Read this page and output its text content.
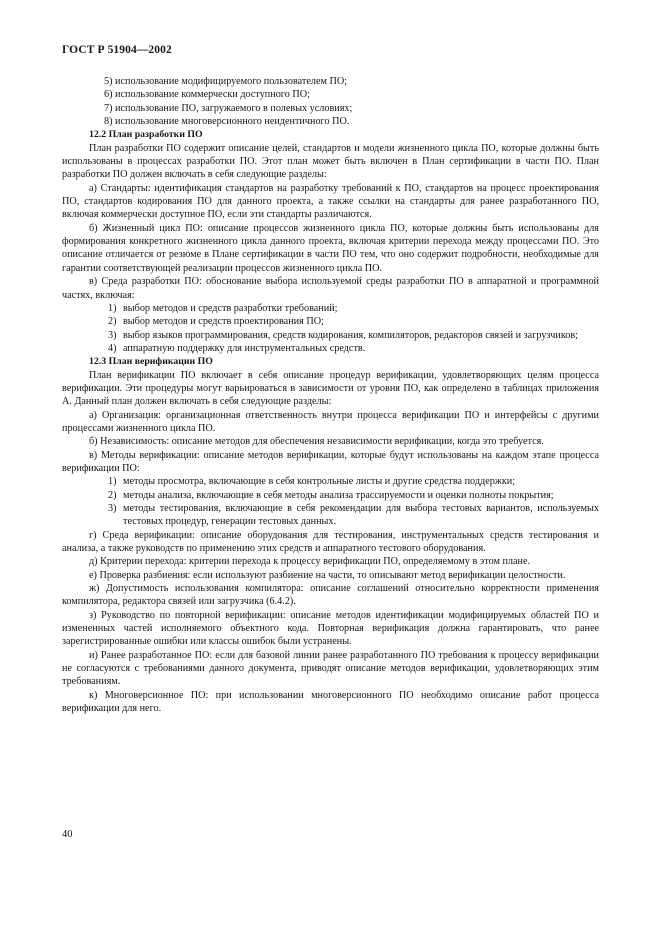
ГОСТ Р 51904—2002

5) использование модифицируемого пользователем ПО;

6) использование коммерчески доступного ПО;

7) использование ПО, загружаемого в полевых условиях;

8) использование многоверсионного неидентичного ПО.

12.2 План разработки ПО

План разработки ПО содержит описание целей, стандартов и модели жизненного цикла ПО, которые должны быть использованы в процессах разработки ПО. Этот план может быть включен в План сертификации в части ПО. План разработки ПО должен включать в себя следующие разделы:

а) Стандарты: идентификация стандартов на разработку требований к ПО, стандартов на процесс проектирования ПО, стандартов кодирования ПО для данного проекта, а также ссылки на стандарты для ранее разработанного ПО, включая коммерчески доступное ПО, если эти стандарты различаются.

б) Жизненный цикл ПО: описание процессов жизненного цикла ПО, которые должны быть использованы для формирования конкретного жизненного цикла данного проекта, включая критерии перехода между процессами ПО. Это описание отличается от резюме в Плане сертификации в части ПО тем, что оно содержит подробности, необходимые для гарантии соответствующей реализации процессов жизненного цикла ПО.

в) Среда разработки ПО: обоснование выбора используемой среды разработки ПО в аппаратной и программной частях, включая:

1) выбор методов и средств разработки требований;
2) выбор методов и средств проектирования ПО;
3) выбор языков программирования, средств кодирования, компиляторов, редакторов связей и загрузчиков;
4) аппаратную поддержку для инструментальных средств.

12.3 План верификации ПО

План верификации ПО включает в себя описание процедур верификации, удовлетворяющих целям процесса верификации. Эти процедуры могут варьироваться в зависимости от уровня ПО, как определено в таблицах приложения А. Данный план должен включать в себя следующие разделы:

а) Организация: организационная ответственность внутри процесса верификации ПО и интерфейсы с другими процессами жизненного цикла ПО.

б) Независимость: описание методов для обеспечения независимости верификации, когда это требуется.

в) Методы верификации: описание методов верификации, которые будут использованы на каждом этапе процесса верификации ПО:

1) методы просмотра, включающие в себя контрольные листы и другие средства поддержки;
2) методы анализа, включающие в себя методы анализа трассируемости и оценки полноты покрытия;
3) методы тестирования, включающие в себя рекомендации для выбора тестовых вариантов, используемых тестовых процедур, генерации тестовых данных.

г) Среда верификации: описание оборудования для тестирования, инструментальных средств тестирования и анализа, а также руководств по применению этих средств и аппаратного тестового оборудования.

д) Критерии перехода: критерии перехода к процессу верификации ПО, определяемому в этом плане.

е) Проверка разбиения: если используют разбиение на части, то описывают метод верификации целостности.

ж) Допустимость использования компилятора: описание соглашений относительно корректности применения компилятора, редактора связей или загрузчика (6.4.2).

з) Руководство по повторной верификации: описание методов идентификации модифицируемых областей ПО и измененных частей исполняемого объектного кода. Повторная верификация должна гарантировать, что ранее зарегистрированные ошибки или классы ошибок были устранены.

и) Ранее разработанное ПО: если для базовой линии ранее разработанного ПО требования к процессу верификации не согласуются с требованиями данного документа, приводят описание методов верификации, удовлетворяющих этим требованиям.

к) Многоверсионное ПО: при использовании многоверсионного ПО необходимо описание работ процесса верификации для него.

40
